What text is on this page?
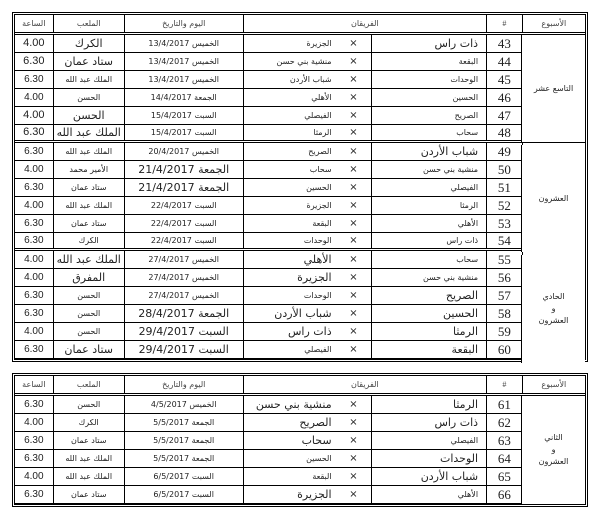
الأسبوع
#
الفريقان
اليوم والتاريخ
الملعب
الساعة
43
ذات راس
×
الجزيرة
الخميس 13/4/2017
الكرك
4.00
44
البقعة
×
منشية بني حسن
الخميس 13/4/2017
ستاد عمان
6.30
45
الوحدات
×
شباب الأردن
الخميس 13/4/2017
الملك عبد الله
6.30
46
الحسين
×
الأهلي
الجمعة 14/4/2017
الحسن
4.00
47
الصريح
×
الفيصلي
السبت 15/4/2017
الحسن
4.00
48
سحاب
×
الرمثا
السبت 15/4/2017
الملك عبد الله
6.30
التاسع عشر
49
شباب الأردن
×
الصريح
الخميس 20/4/2017
الملك عبد الله
6.30
50
منشية بني حسن
×
سحاب
الجمعة 21/4/2017
الأمير محمد
4.00
51
الفيصلي
×
الحسين
الجمعة 21/4/2017
ستاد عمان
6.30
52
الرمثا
×
الجزيرة
السبت 22/4/2017
الملك عبد الله
4.00
53
الأهلي
×
البقعة
السبت 22/4/2017
ستاد عمان
6.30
54
ذات راس
×
الوحدات
السبت 22/4/2017
الكرك
6.30
العشرون
55
سحاب
×
الأهلي
الخميس 27/4/2017
الملك عبد الله
4.00
56
منشية بني حسن
×
الجزيرة
الخميس 27/4/2017
المفرق
4.00
57
الصريح
×
الوحدات
الخميس 27/4/2017
الحسن
6.30
58
الحسين
×
شباب الأردن
الجمعة 28/4/2017
الحسن
6.30
59
الرمثا
×
ذات راس
السبت 29/4/2017
الحسن
4.00
60
البقعة
×
الفيصلي
السبت 29/4/2017
ستاد عمان
6.30
الحادي
و
العشرون
الأسبوع
#
الفريقان
اليوم والتاريخ
الملعب
الساعة
61
الرمثا
×
منشية بني حسن
الخميس 4/5/2017
الحسن
6.30
62
ذات راس
×
الصريح
الجمعة 5/5/2017
الكرك
4.00
63
الفيصلي
×
سحاب
الجمعة 5/5/2017
ستاد عمان
6.30
64
الوحدات
×
الحسين
الجمعة 5/5/2017
الملك عبد الله
6.30
65
شباب الأردن
×
البقعة
السبت 6/5/2017
الملك عبد الله
4.00
66
الأهلي
×
الجزيرة
السبت 6/5/2017
ستاد عمان
6.30
الثاني
و
العشرون
